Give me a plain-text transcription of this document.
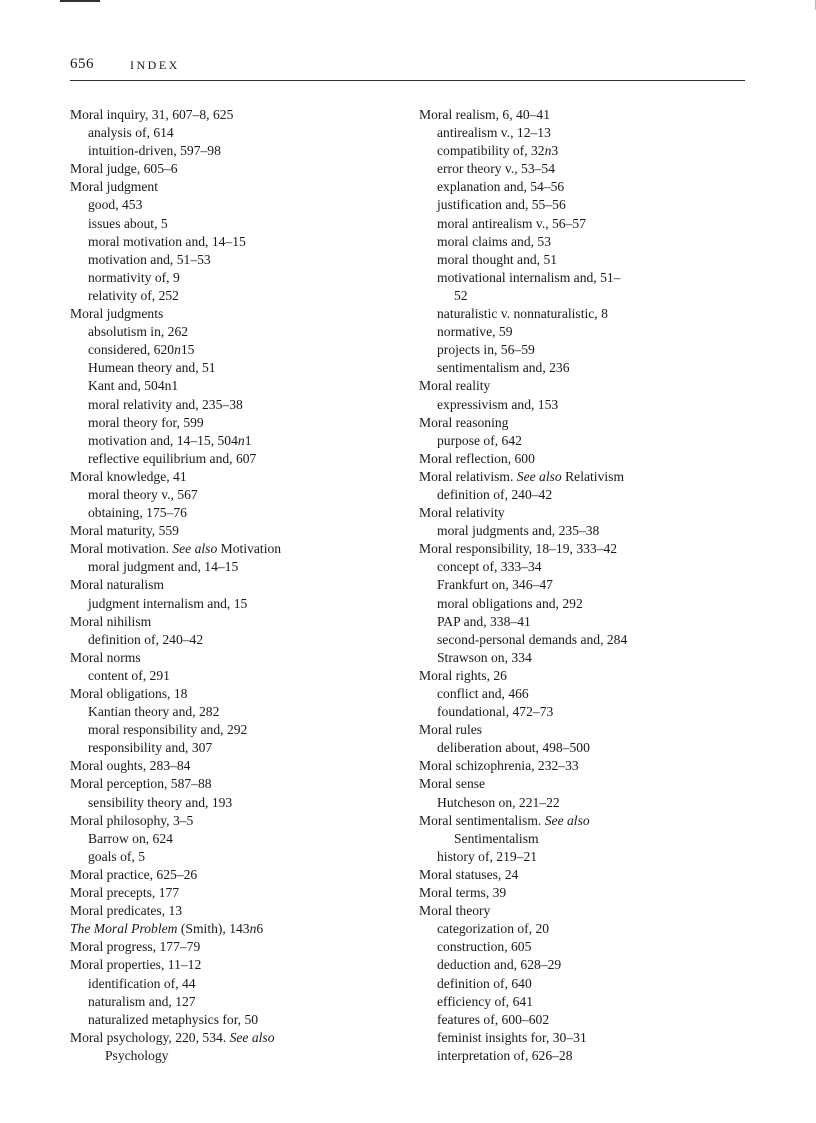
656	INDEX
Moral inquiry, 31, 607–8, 625
analysis of, 614
intuition-driven, 597–98
Moral judge, 605–6
Moral judgment
good, 453
issues about, 5
moral motivation and, 14–15
motivation and, 51–53
normativity of, 9
relativity of, 252
Moral judgments
absolutism in, 262
considered, 620n15
Humean theory and, 51
Kant and, 504n1
moral relativity and, 235–38
moral theory for, 599
motivation and, 14–15, 504n1
reflective equilibrium and, 607
Moral knowledge, 41
moral theory v., 567
obtaining, 175–76
Moral maturity, 559
Moral motivation. See also Motivation
moral judgment and, 14–15
Moral naturalism
judgment internalism and, 15
Moral nihilism
definition of, 240–42
Moral norms
content of, 291
Moral obligations, 18
Kantian theory and, 282
moral responsibility and, 292
responsibility and, 307
Moral oughts, 283–84
Moral perception, 587–88
sensibility theory and, 193
Moral philosophy, 3–5
Barrow on, 624
goals of, 5
Moral practice, 625–26
Moral precepts, 177
Moral predicates, 13
The Moral Problem (Smith), 143n6
Moral progress, 177–79
Moral properties, 11–12
identification of, 44
naturalism and, 127
naturalized metaphysics for, 50
Moral psychology, 220, 534. See also
Psychology
Moral realism, 6, 40–41
antirealism v., 12–13
compatibility of, 32n3
error theory v., 53–54
explanation and, 54–56
justification and, 55–56
moral antirealism v., 56–57
moral claims and, 53
moral thought and, 51
motivational internalism and, 51–
52
naturalistic v. nonnaturalistic, 8
normative, 59
projects in, 56–59
sentimentalism and, 236
Moral reality
expressivism and, 153
Moral reasoning
purpose of, 642
Moral reflection, 600
Moral relativism. See also Relativism
definition of, 240–42
Moral relativity
moral judgments and, 235–38
Moral responsibility, 18–19, 333–42
concept of, 333–34
Frankfurt on, 346–47
moral obligations and, 292
PAP and, 338–41
second-personal demands and, 284
Strawson on, 334
Moral rights, 26
conflict and, 466
foundational, 472–73
Moral rules
deliberation about, 498–500
Moral schizophrenia, 232–33
Moral sense
Hutcheson on, 221–22
Moral sentimentalism. See also
Sentimentalism
history of, 219–21
Moral statuses, 24
Moral terms, 39
Moral theory
categorization of, 20
construction, 605
deduction and, 628–29
definition of, 640
efficiency of, 641
features of, 600–602
feminist insights for, 30–31
interpretation of, 626–28
